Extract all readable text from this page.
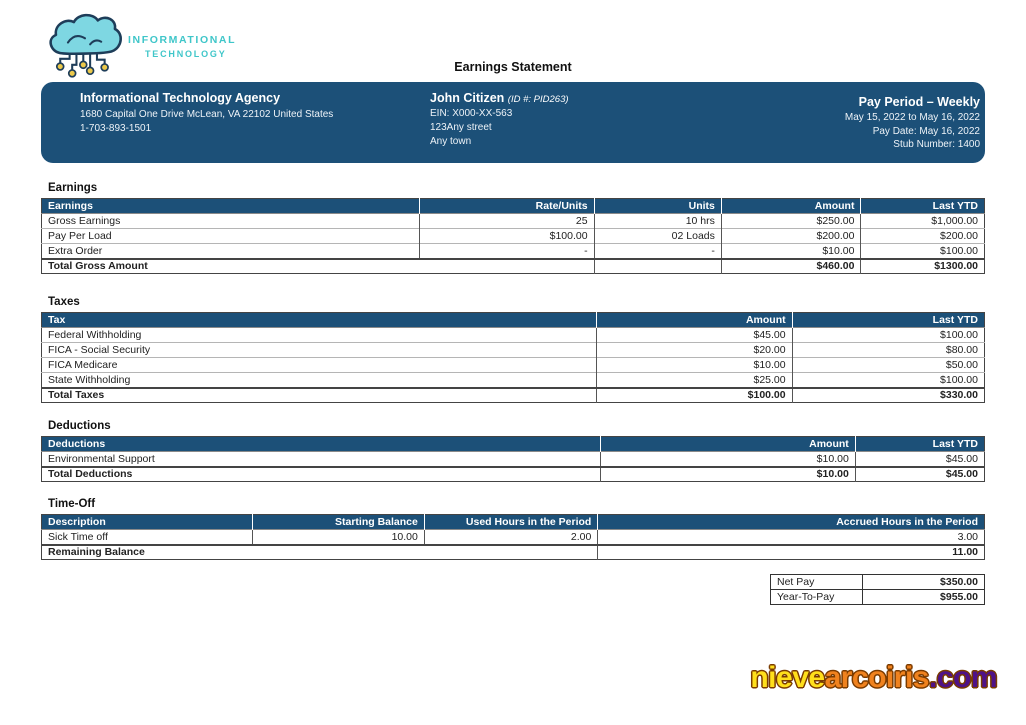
INFORMATIONAL
TECHNOLOGY
Earnings Statement
Informational Technology Agency
1680 Capital One Drive McLean, VA 22102 United States
1-703-893-1501
John Citizen (ID #: PID263)
EIN: X000-XX-563
123Any street
Any town
Pay Period – Weekly
May 15, 2022 to May 16, 2022
Pay Date: May 16, 2022
Stub Number: 1400
Earnings
Earnings	Rate/Units	Units	Amount	Last YTD
Gross Earnings	25	10 hrs	$250.00	$1,000.00
Pay Per Load	$100.00	02 Loads	$200.00	$200.00
Extra Order	-	-	$10.00	$100.00
Total Gross Amount			$460.00	$1300.00
Taxes
Tax	Amount	Last YTD
Federal Withholding	$45.00	$100.00
FICA - Social Security	$20.00	$80.00
FICA Medicare	$10.00	$50.00
State Withholding	$25.00	$100.00
Total Taxes	$100.00	$330.00
Deductions
Deductions	Amount	Last YTD
Environmental Support	$10.00	$45.00
Total Deductions	$10.00	$45.00
Time-Off
Description	Starting Balance	Used Hours in the Period	Accrued Hours in the Period
Sick Time off	10.00	2.00	3.00
Remaining Balance			11.00
Net Pay	$350.00
Year-To-Pay	$955.00
nievearcoiris.com
